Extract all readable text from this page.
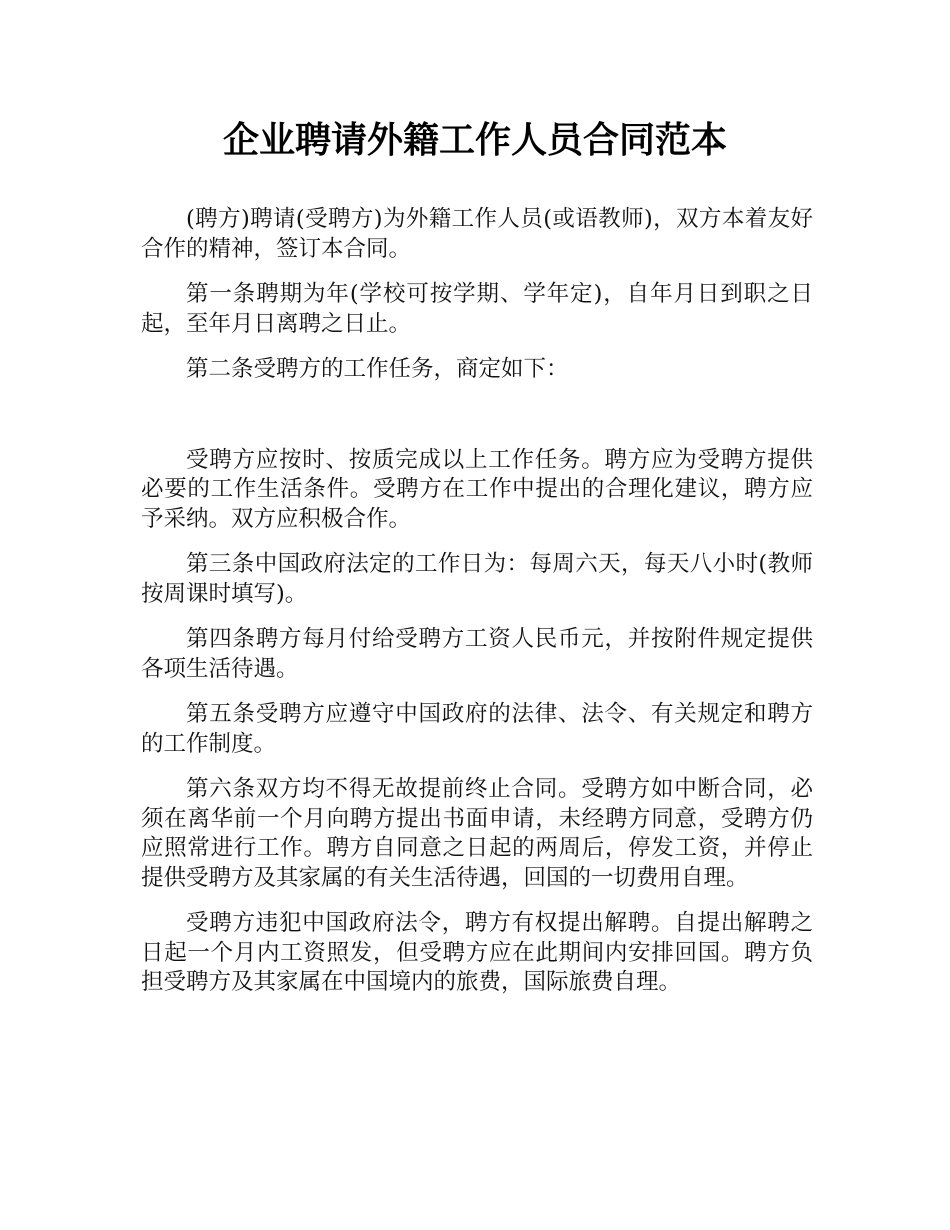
企业聘请外籍工作人员合同范本

(聘方)聘请(受聘方)为外籍工作人员(或语教师)，双方本着友好合作的精神，签订本合同。

第一条聘期为年(学校可按学期、学年定)，自年月日到职之日起，至年月日离聘之日止。

第二条受聘方的工作任务，商定如下：

受聘方应按时、按质完成以上工作任务。聘方应为受聘方提供必要的工作生活条件。受聘方在工作中提出的合理化建议，聘方应予采纳。双方应积极合作。

第三条中国政府法定的工作日为：每周六天，每天八小时(教师按周课时填写)。

第四条聘方每月付给受聘方工资人民币元，并按附件规定提供各项生活待遇。

第五条受聘方应遵守中国政府的法律、法令、有关规定和聘方的工作制度。

第六条双方均不得无故提前终止合同。受聘方如中断合同，必须在离华前一个月向聘方提出书面申请，未经聘方同意，受聘方仍应照常进行工作。聘方自同意之日起的两周后，停发工资，并停止提供受聘方及其家属的有关生活待遇，回国的一切费用自理。

受聘方违犯中国政府法令，聘方有权提出解聘。自提出解聘之日起一个月内工资照发，但受聘方应在此期间内安排回国。聘方负担受聘方及其家属在中国境内的旅费，国际旅费自理。
